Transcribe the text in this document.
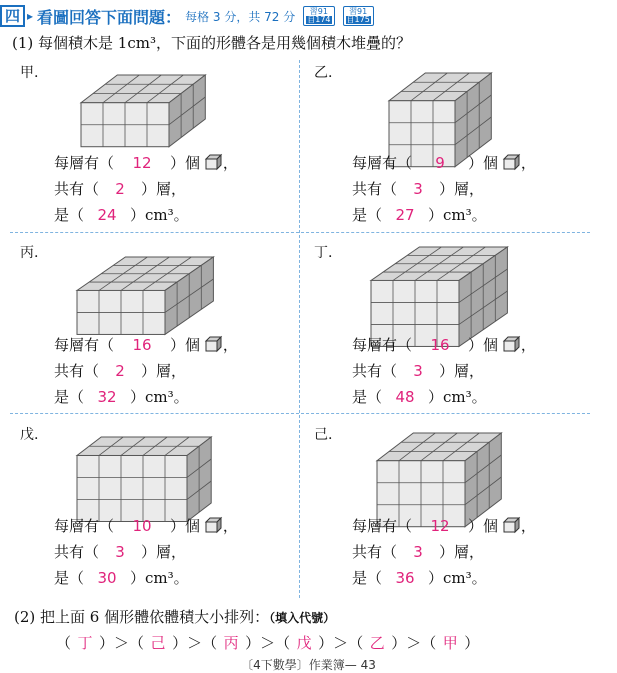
四 ▸ 看圖回答下面問題： 每格 3 分，共 72 分	習91
自174
習91
自175
(1) 每個積木是 1cm³，下面的形體各是用幾個積木堆疊的？
甲.
每層有（ 12 ）個 ，
共有（ 2 ）層，
是（ 24 ）cm³。
乙.
每層有（ 9 ）個 ，
共有（ 3 ）層，
是（ 27 ）cm³。
丙.
每層有（ 16 ）個 ，
共有（ 2 ）層，
是（ 32 ）cm³。
丁.
每層有（ 16 ）個 ，
共有（ 3 ）層，
是（ 48 ）cm³。
戊.
每層有（ 10 ）個 ，
共有（ 3 ）層，
是（ 30 ）cm³。
己.
每層有（ 12 ）個 ，
共有（ 3 ）層，
是（ 36 ）cm³。
(2) 把上面 6 個形體依體積大小排列：（填入代號）
（ 丁 ）＞（ 己 ）＞（ 丙 ）＞（ 戊 ）＞（ 乙 ）＞（ 甲 ）
〔4下數學〕作業簿— 43
